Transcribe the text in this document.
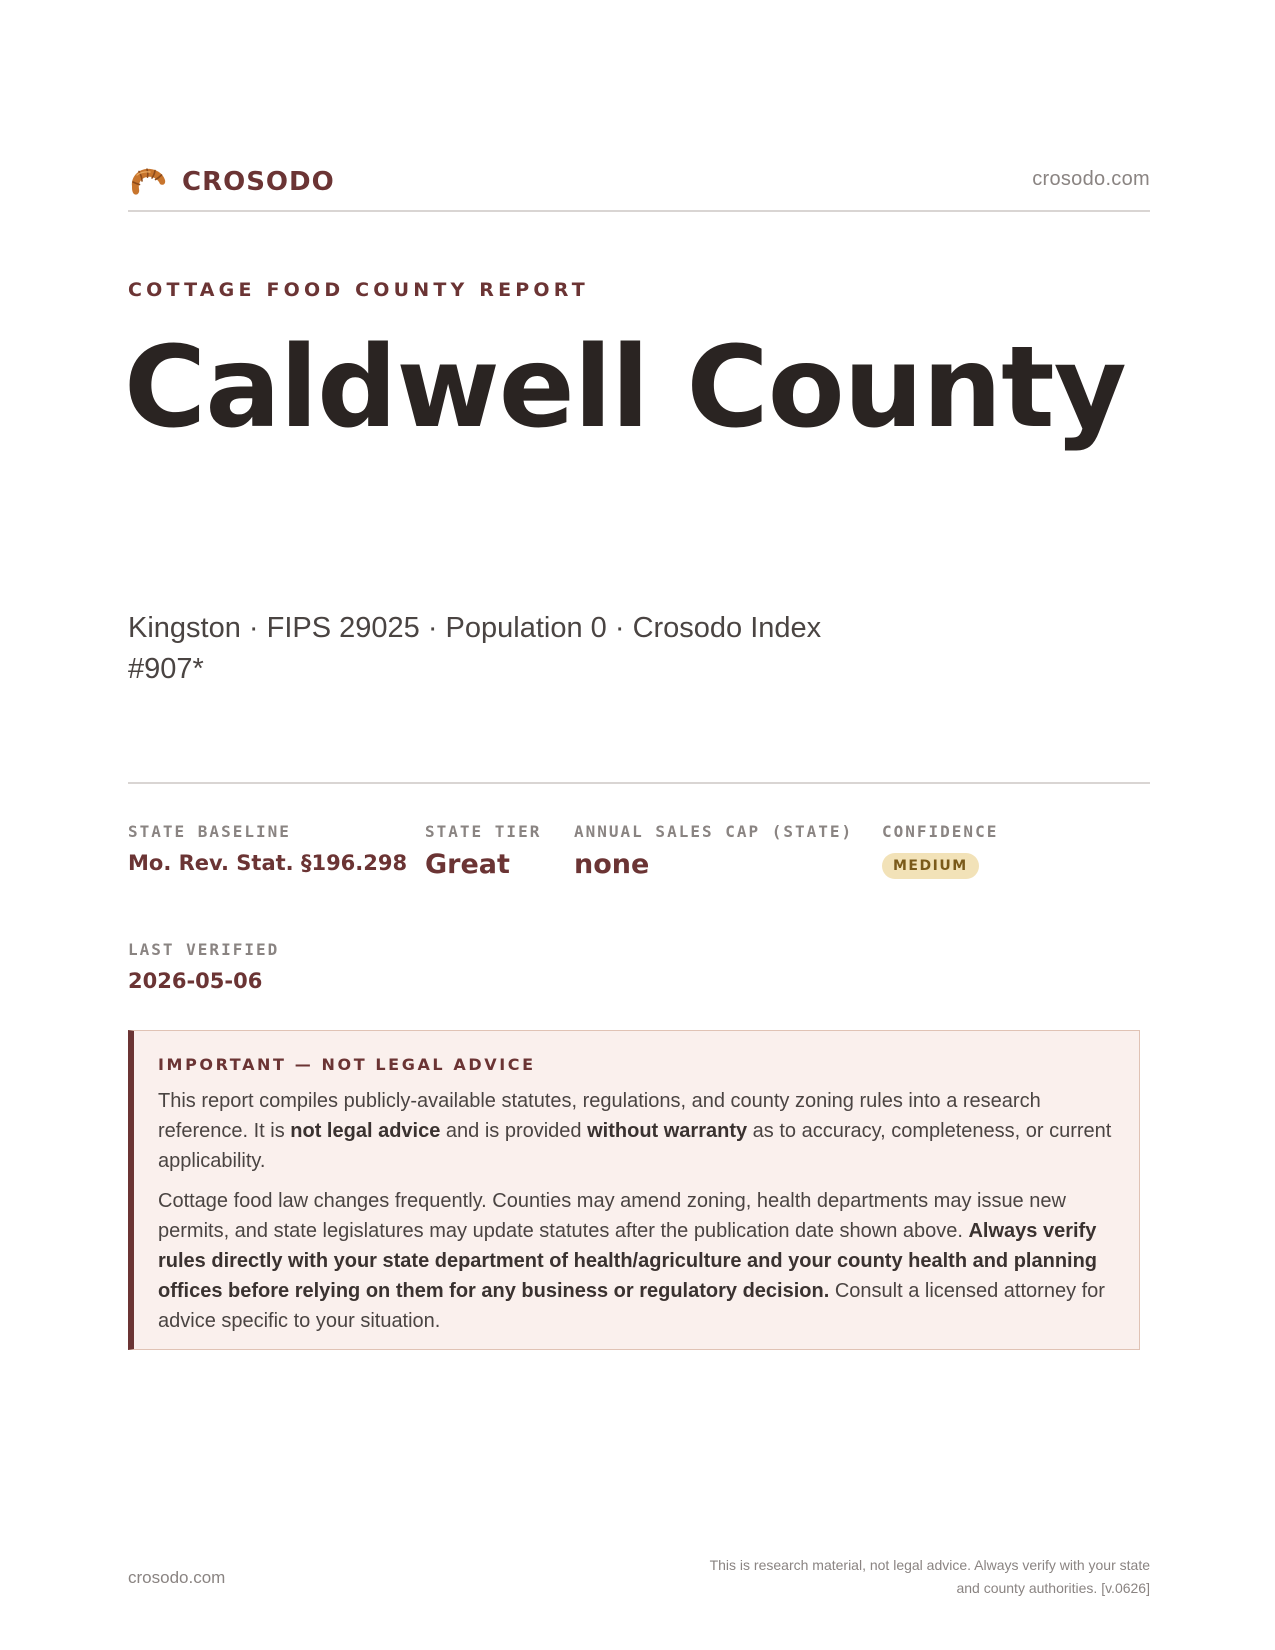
CROSODO	crosodo.com
COTTAGE FOOD COUNTY REPORT
Caldwell County
Kingston · FIPS 29025 · Population 0 · Crosodo Index #907*
STATE BASELINE
Mo. Rev. Stat. §196.298
STATE TIER
Great
ANNUAL SALES CAP (STATE)
none
CONFIDENCE
MEDIUM
LAST VERIFIED
2026-05-06
IMPORTANT — NOT LEGAL ADVICE

This report compiles publicly-available statutes, regulations, and county zoning rules into a research reference. It is not legal advice and is provided without warranty as to accuracy, completeness, or current applicability.

Cottage food law changes frequently. Counties may amend zoning, health departments may issue new permits, and state legislatures may update statutes after the publication date shown above. Always verify rules directly with your state department of health/agriculture and your county health and planning offices before relying on them for any business or regulatory decision. Consult a licensed attorney for advice specific to your situation.

crosodo.com
This is research material, not legal advice. Always verify with your state
and county authorities. [v.0626]
